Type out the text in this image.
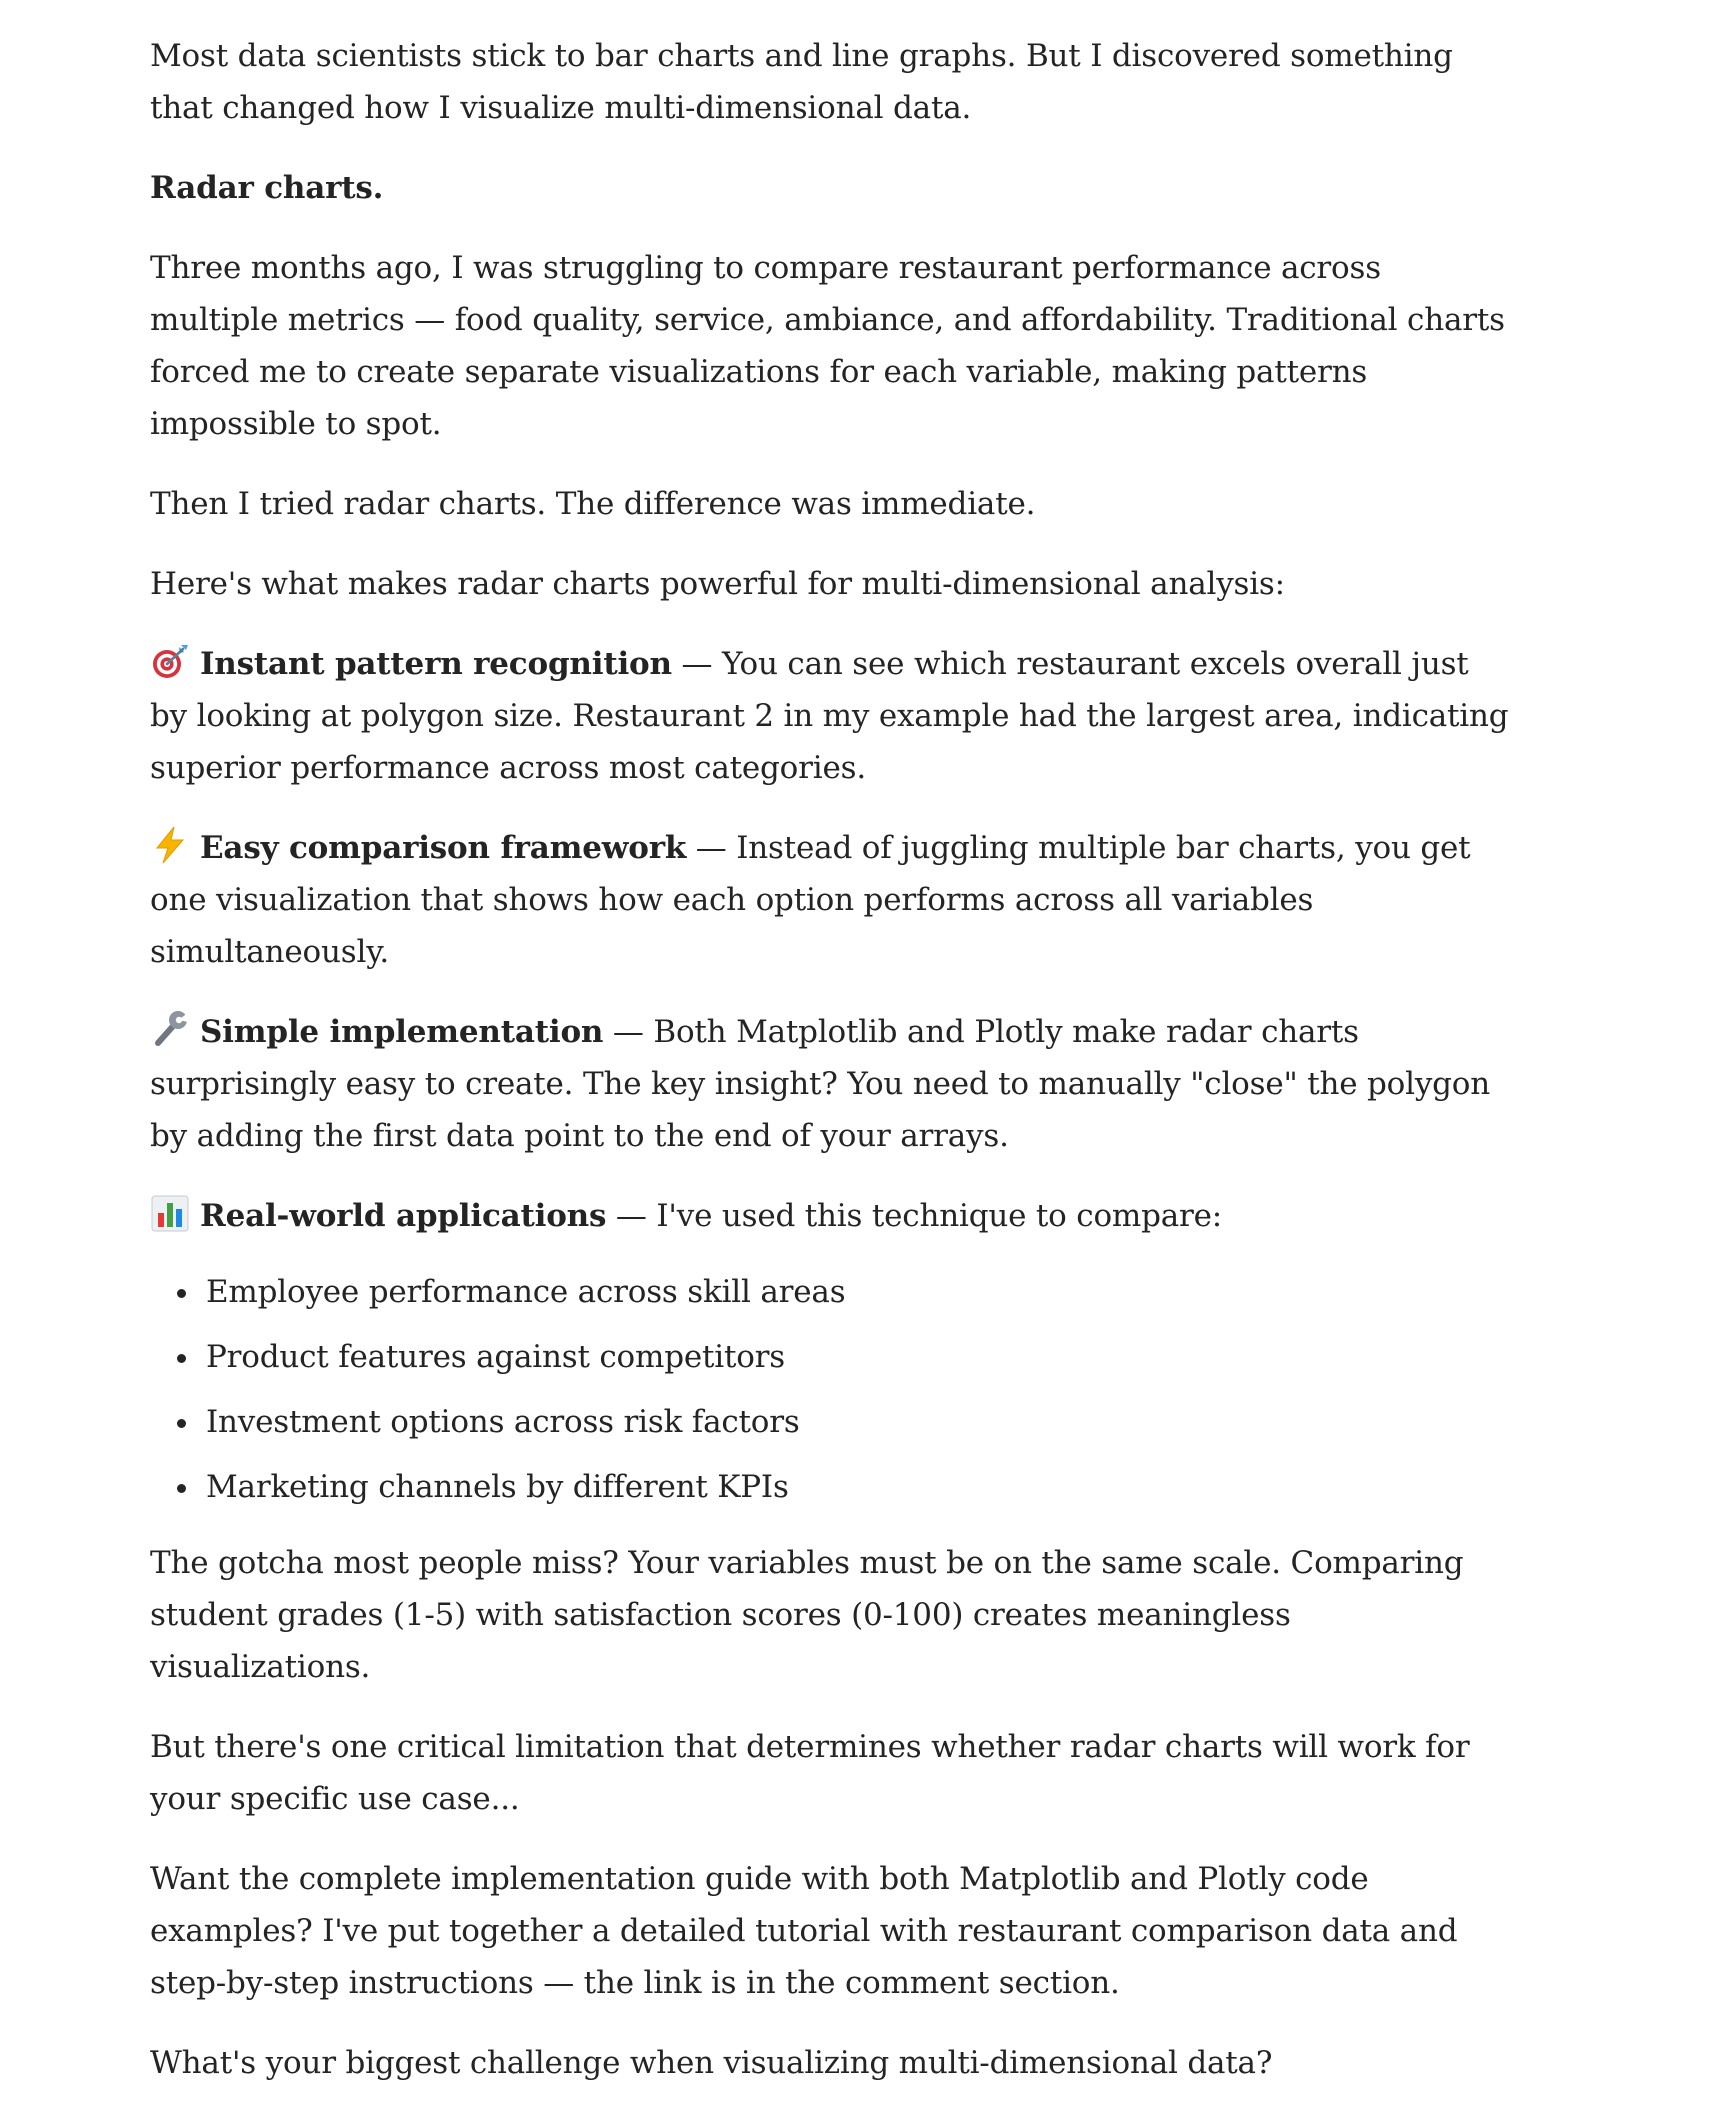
Most data scientists stick to bar charts and line graphs. But I discovered something that changed how I visualize multi-dimensional data.

Radar charts.

Three months ago, I was struggling to compare restaurant performance across multiple metrics — food quality, service, ambiance, and affordability. Traditional charts forced me to create separate visualizations for each variable, making patterns impossible to spot.

Then I tried radar charts. The difference was immediate.

Here's what makes radar charts powerful for multi-dimensional analysis:

Instant pattern recognition — You can see which restaurant excels overall just by looking at polygon size. Restaurant 2 in my example had the largest area, indicating superior performance across most categories.

Easy comparison framework — Instead of juggling multiple bar charts, you get one visualization that shows how each option performs across all variables simultaneously.

Simple implementation — Both Matplotlib and Plotly make radar charts surprisingly easy to create. The key insight? You need to manually "close" the polygon by adding the first data point to the end of your arrays.

Real-world applications — I've used this technique to compare:

Employee performance across skill areas
Product features against competitors
Investment options across risk factors
Marketing channels by different KPIs

The gotcha most people miss? Your variables must be on the same scale. Comparing student grades (1-5) with satisfaction scores (0-100) creates meaningless visualizations.

But there's one critical limitation that determines whether radar charts will work for your specific use case...

Want the complete implementation guide with both Matplotlib and Plotly code examples? I've put together a detailed tutorial with restaurant comparison data and step-by-step instructions — the link is in the comment section.

What's your biggest challenge when visualizing multi-dimensional data?
